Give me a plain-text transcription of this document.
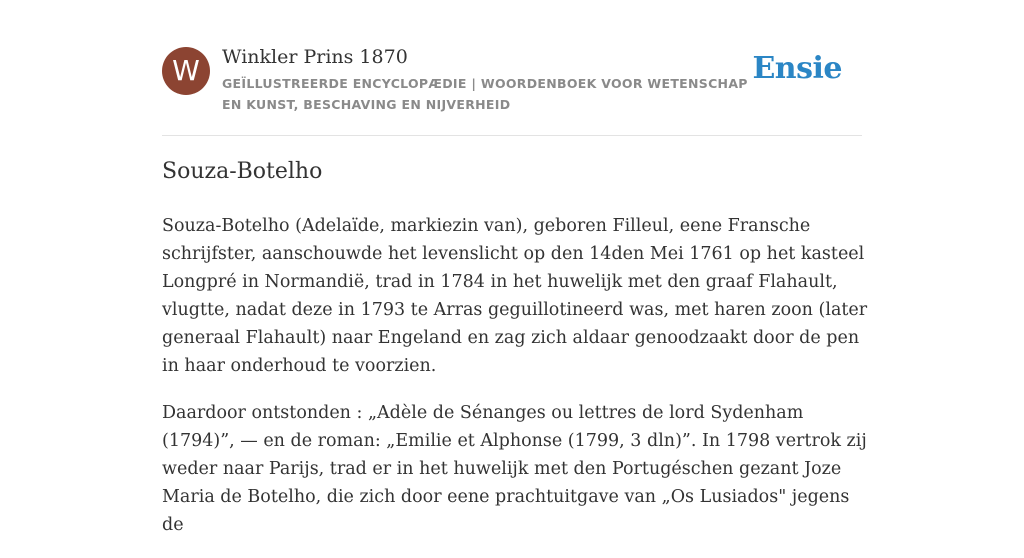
W	Winkler Prins 1870
GEÏLLUSTREERDE ENCYCLOPÆDIE | WOORDENBOEK VOOR WETENSCHAP EN KUNST, BESCHAVING EN NIJVERHEID
Ensie
Souza-Botelho

Souza-Botelho (Adelaïde, markiezin van), geboren Filleul, eene Fransche schrijfster, aanschouwde het levenslicht op den 14den Mei 1761 op het kasteel Longpré in Normandië, trad in 1784 in het huwelijk met den graaf Flahault, vlugtte, nadat deze in 1793 te Arras geguillotineerd was, met haren zoon (later generaal Flahault) naar Engeland en zag zich aldaar genoodzaakt door de pen in haar onderhoud te voorzien.

Daardoor ontstonden : „Adèle de Sénanges ou lettres de lord Sydenham (1794)”, — en de roman: „Emilie et Alphonse (1799, 3 dln)”. In 1798 vertrok zij weder naar Parijs, trad er in het huwelijk met den Portugéschen gezant Joze Maria de Botelho, die zich door eene prachtuitgave van „Os Lusiados" jegens de
